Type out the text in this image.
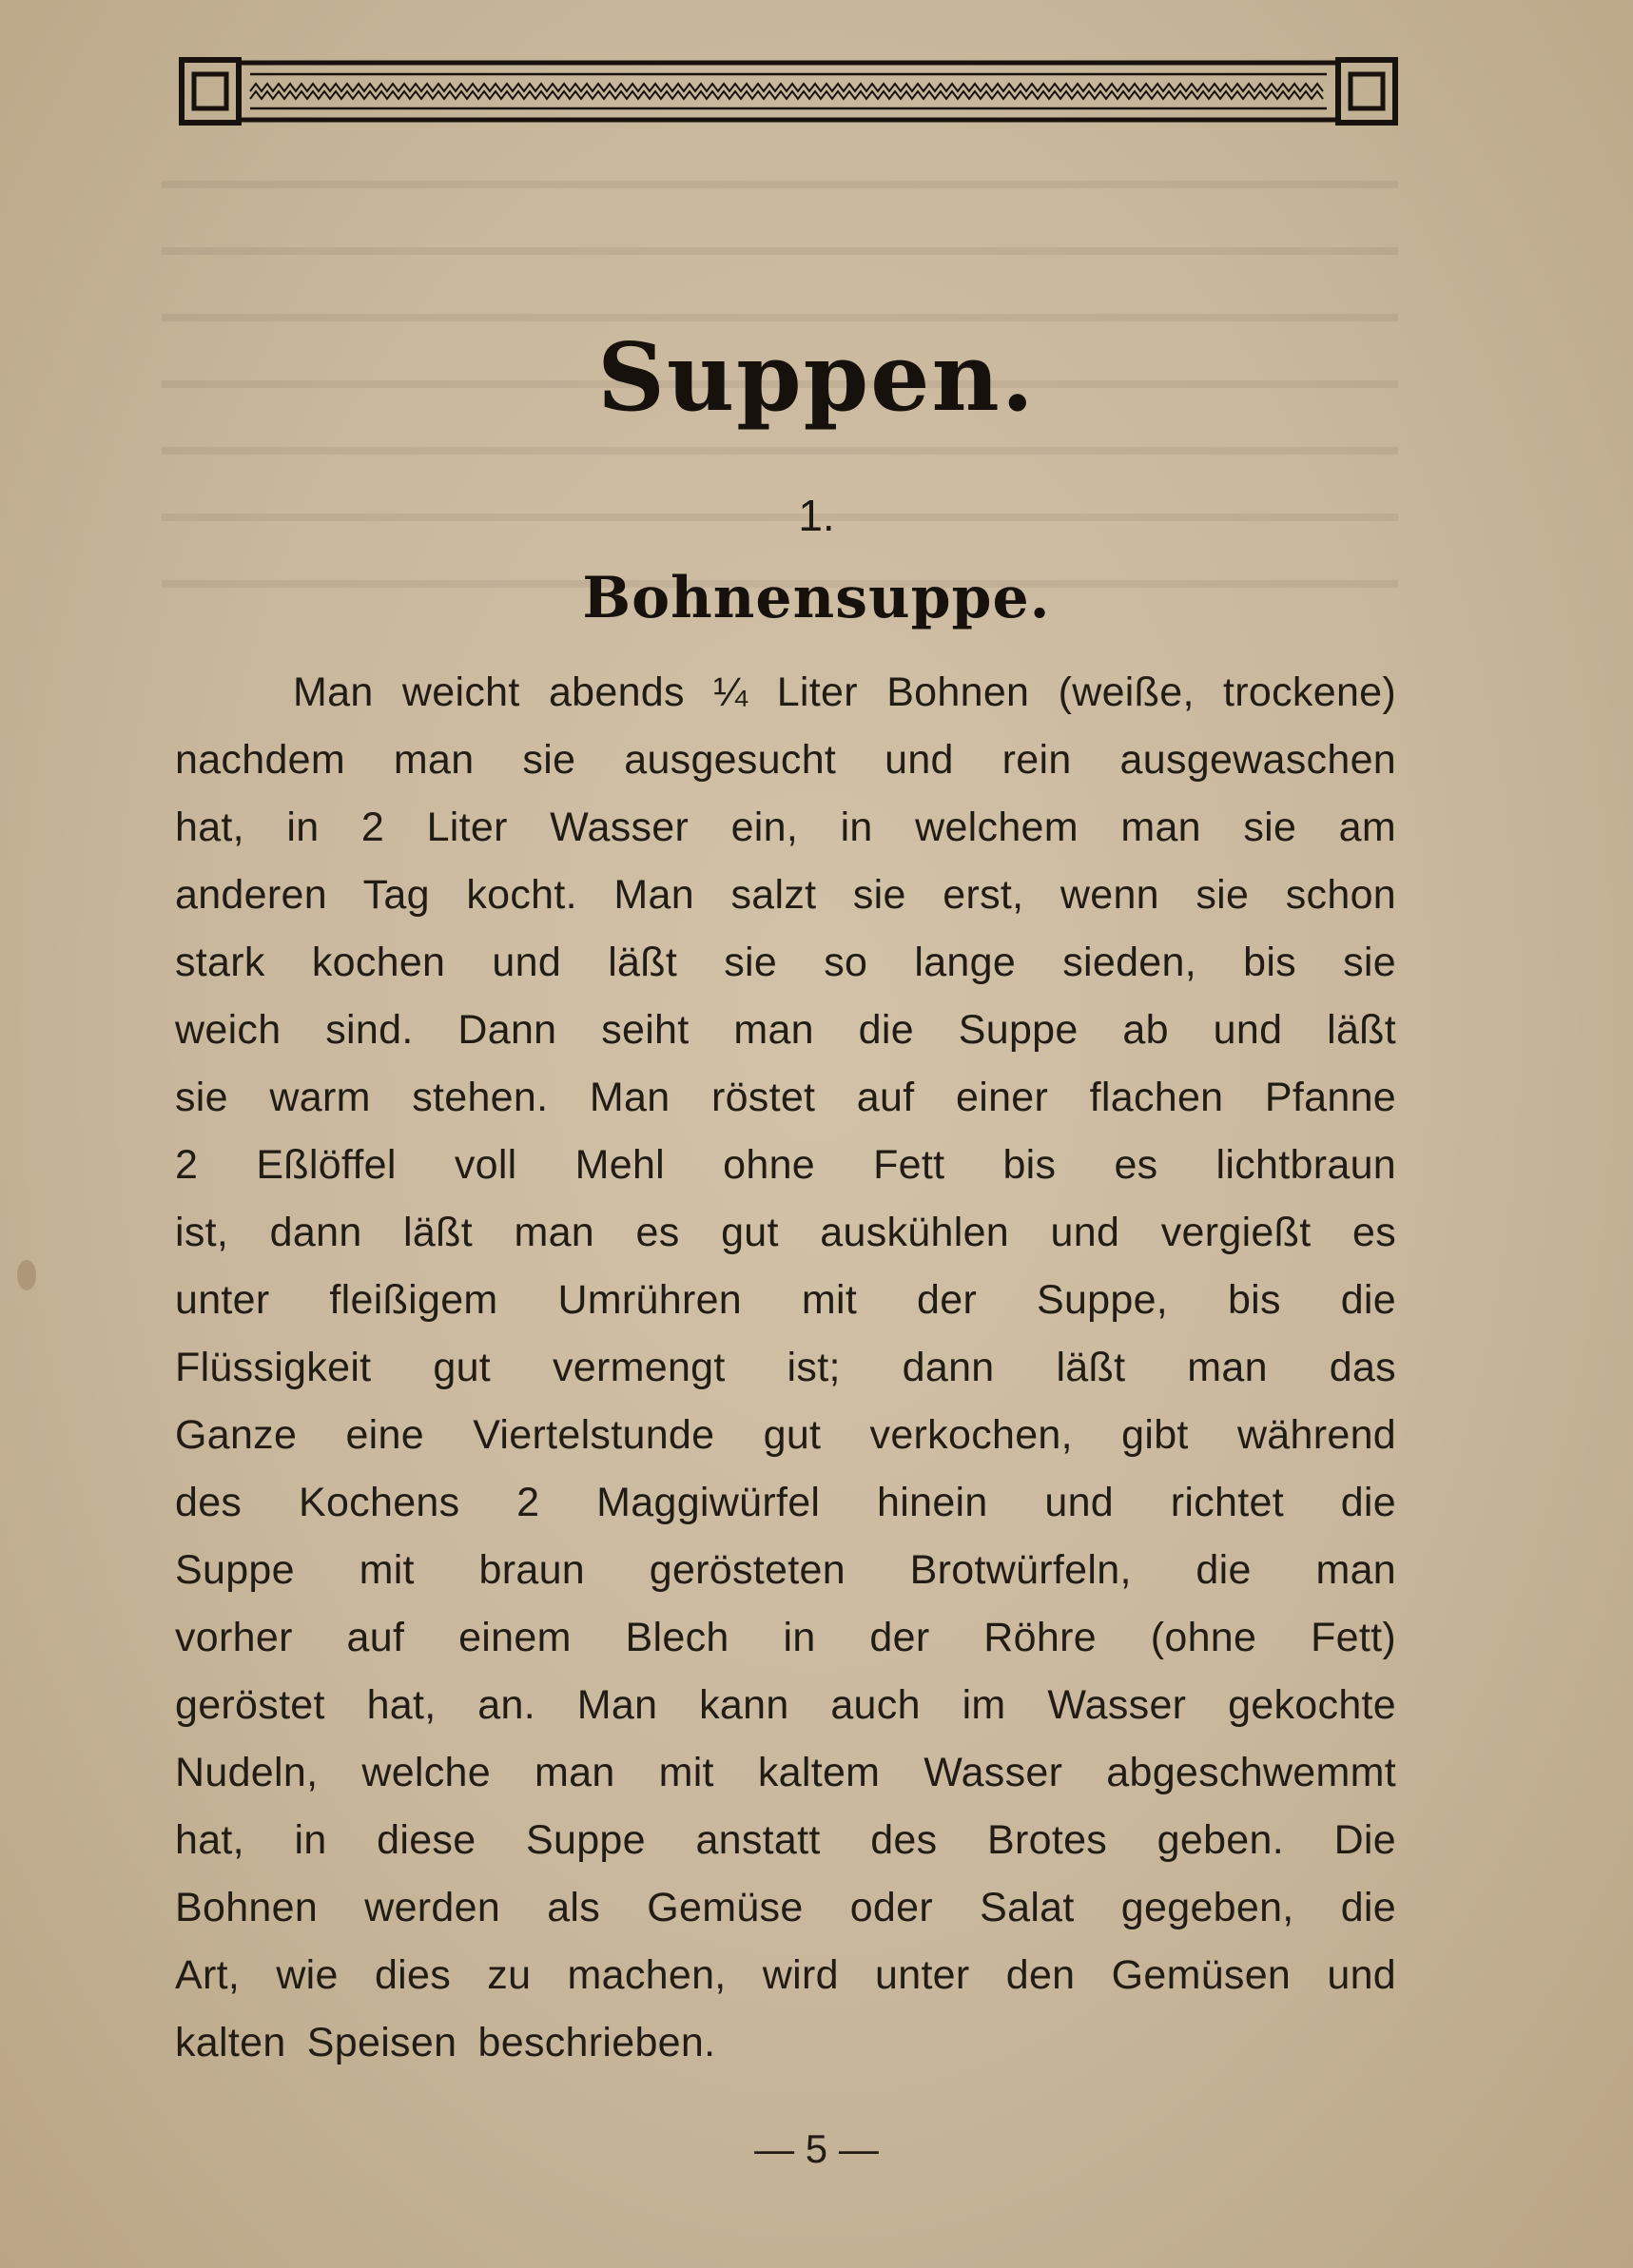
Suppen.
1.
Bohnensuppe.
Man weicht abends ¼ Liter Bohnen (weiße, trockene)
nachdem man sie ausgesucht und rein ausgewaschen
hat, in 2 Liter Wasser ein, in welchem man sie am
anderen Tag kocht. Man salzt sie erst, wenn sie schon
stark kochen und läßt sie so lange sieden, bis sie
weich sind. Dann seiht man die Suppe ab und läßt
sie warm stehen. Man röstet auf einer flachen Pfanne
2 Eßlöffel voll Mehl ohne Fett bis es lichtbraun
ist, dann läßt man es gut auskühlen und vergießt es
unter fleißigem Umrühren mit der Suppe, bis die
Flüssigkeit gut vermengt ist; dann läßt man das
Ganze eine Viertelstunde gut verkochen, gibt während
des Kochens 2 Maggiwürfel hinein und richtet die
Suppe mit braun gerösteten Brotwürfeln, die man
vorher auf einem Blech in der Röhre (ohne Fett)
geröstet hat, an. Man kann auch im Wasser gekochte
Nudeln, welche man mit kaltem Wasser abgeschwemmt
hat, in diese Suppe anstatt des Brotes geben. Die
Bohnen werden als Gemüse oder Salat gegeben, die
Art, wie dies zu machen, wird unter den Gemüsen und
kalten Speisen beschrieben.
— 5 —
